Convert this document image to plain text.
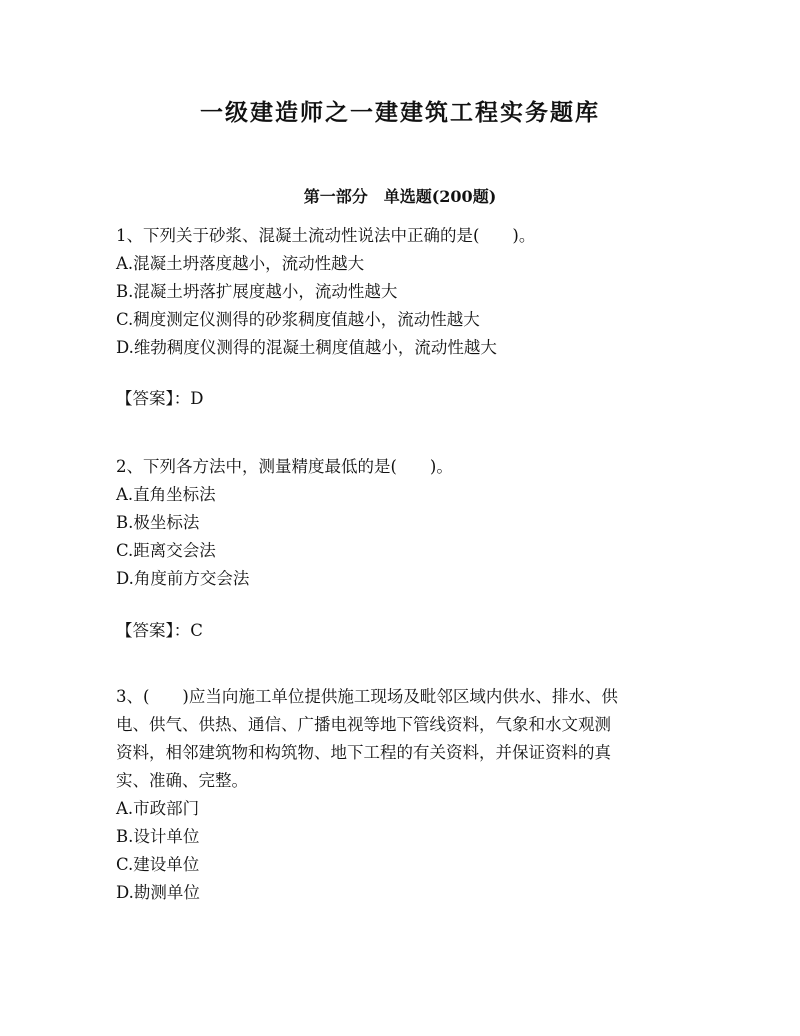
一级建造师之一建建筑工程实务题库
第一部分　单选题(200题)
1、下列关于砂浆、混凝土流动性说法中正确的是(　　)。
A.混凝土坍落度越小，流动性越大
B.混凝土坍落扩展度越小，流动性越大
C.稠度测定仪测得的砂浆稠度值越小，流动性越大
D.维勃稠度仪测得的混凝土稠度值越小，流动性越大
【答案】：D
2、下列各方法中，测量精度最低的是(　　)。
A.直角坐标法
B.极坐标法
C.距离交会法
D.角度前方交会法
【答案】：C
3、(　　)应当向施工单位提供施工现场及毗邻区域内供水、排水、供
电、供气、供热、通信、广播电视等地下管线资料，气象和水文观测
资料，相邻建筑物和构筑物、地下工程的有关资料，并保证资料的真
实、准确、完整。
A.市政部门
B.设计单位
C.建设单位
D.勘测单位
